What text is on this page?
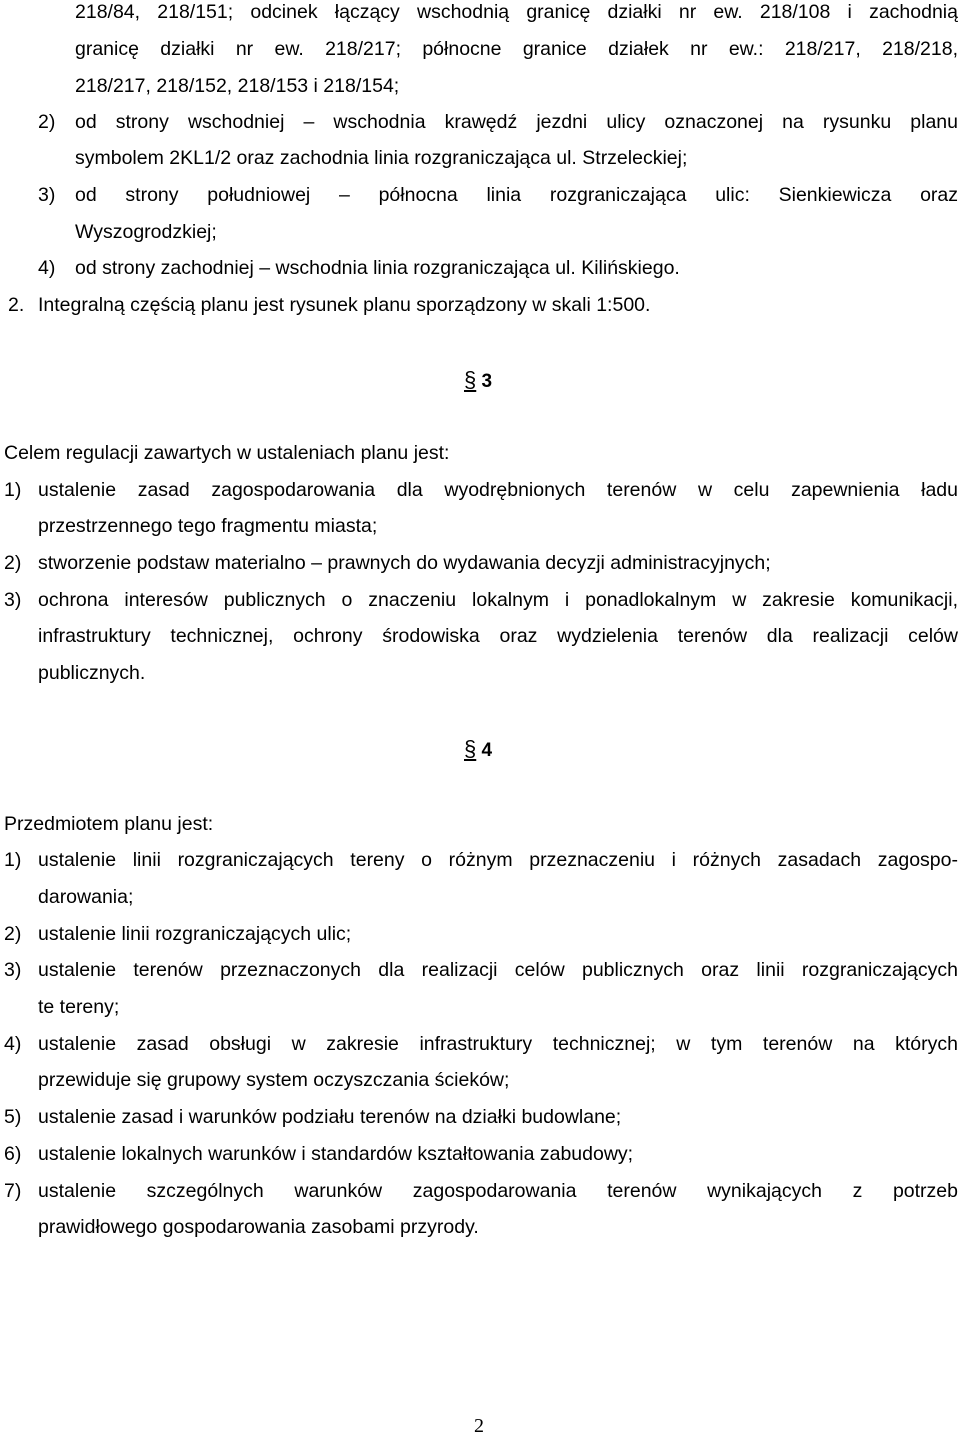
218/84, 218/151; odcinek łączący wschodnią granicę działki nr ew. 218/108 i zachodnią
granicę działki nr ew. 218/217; północne granice działek nr ew.: 218/217, 218/218,
218/217, 218/152, 218/153 i 218/154;
2) od strony wschodniej – wschodnia krawędź jezdni ulicy oznaczonej na rysunku planu
symbolem 2KL1/2 oraz zachodnia linia rozgraniczająca ul. Strzeleckiej;
3) od strony południowej – północna linia rozgraniczająca ulic: Sienkiewicza oraz
Wyszogrodzkiej;
4) od strony zachodniej – wschodnia linia rozgraniczająca ul. Kilińskiego.
2. Integralną częścią planu jest rysunek planu sporządzony w skali 1:500.
§ 3
Celem regulacji zawartych w ustaleniach planu jest:
1) ustalenie zasad zagospodarowania dla wyodrębnionych terenów w celu zapewnienia ładu
przestrzennego tego fragmentu miasta;
2) stworzenie podstaw materialno – prawnych do wydawania decyzji administracyjnych;
3) ochrona interesów publicznych o znaczeniu lokalnym i ponadlokalnym w zakresie komunikacji,
infrastruktury technicznej, ochrony środowiska oraz wydzielenia terenów dla realizacji celów
publicznych.
§ 4
Przedmiotem planu jest:
1) ustalenie linii rozgraniczających tereny o różnym przeznaczeniu i różnych zasadach zagospo-
darowania;
2) ustalenie linii rozgraniczających ulic;
3) ustalenie terenów przeznaczonych dla realizacji celów publicznych oraz linii rozgraniczających
te tereny;
4) ustalenie zasad obsługi w zakresie infrastruktury technicznej; w tym terenów na których
przewiduje się grupowy system oczyszczania ścieków;
5) ustalenie zasad i warunków podziału terenów na działki budowlane;
6) ustalenie lokalnych warunków i standardów kształtowania zabudowy;
7) ustalenie szczególnych warunków zagospodarowania terenów wynikających z potrzeb
prawidłowego gospodarowania zasobami przyrody.
2
